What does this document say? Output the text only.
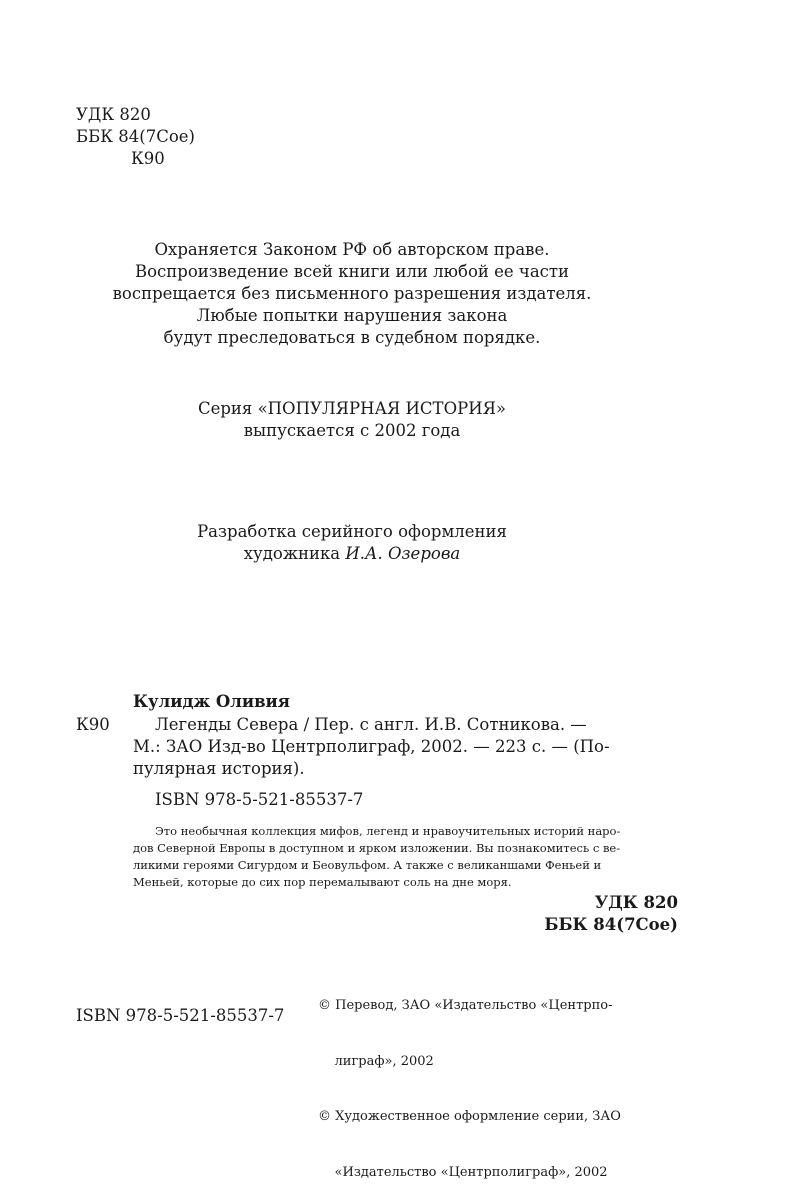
УДК 820
ББК 84(7Сое)
К90
Охраняется Законом РФ об авторском праве.
Воспроизведение всей книги или любой ее части
воспрещается без письменного разрешения издателя.
Любые попытки нарушения закона
будут преследоваться в судебном порядке.
Серия «ПОПУЛЯРНАЯ ИСТОРИЯ»
выпускается с 2002 года
Разработка серийного оформления
художника И.А. Озерова
Кулидж Оливия
К90	Легенды Севера / Пер. с англ. И.В. Сотникова. —
М.: ЗАО Изд-во Центрполиграф, 2002. — 223 с. — (По-
пулярная история).
ISBN 978-5-521-85537-7
Это необычная коллекция мифов, легенд и нравоучительных историй наро-
дов Северной Европы в доступном и ярком изложении. Вы познакомитесь с ве-
ликими героями Сигурдом и Беовульфом. А также с великаншами Феньей и
Меньей, которые до сих пор перемалывают соль на дне моря.
УДК 820
ББК 84(7Сое)

© Перевод, ЗАО «Издательство «Центрпо-

лиграф», 2002

© Художественное оформление серии, ЗАО

«Издательство «Центрполиграф», 2002

ISBN 978-5-521-85537-7
